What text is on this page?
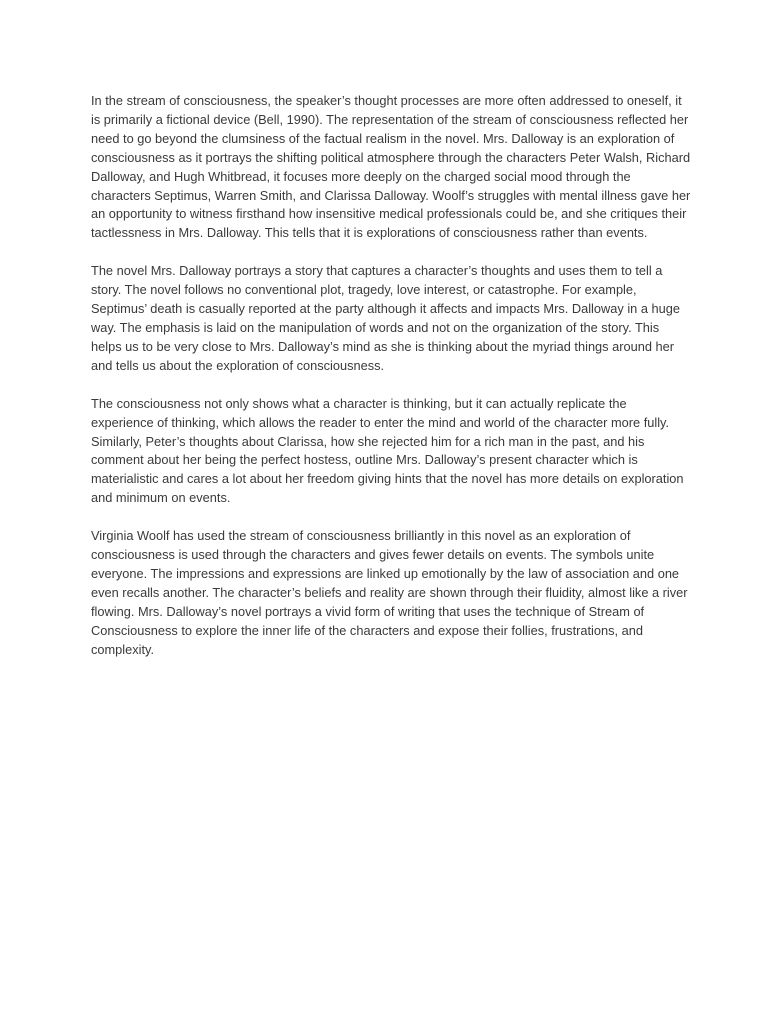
In the stream of consciousness, the speaker’s thought processes are more often addressed to oneself, it is primarily a fictional device (Bell, 1990). The representation of the stream of consciousness reflected her need to go beyond the clumsiness of the factual realism in the novel. Mrs. Dalloway is an exploration of consciousness as it portrays the shifting political atmosphere through the characters Peter Walsh, Richard Dalloway, and Hugh Whitbread, it focuses more deeply on the charged social mood through the characters Septimus, Warren Smith, and Clarissa Dalloway. Woolf’s struggles with mental illness gave her an opportunity to witness firsthand how insensitive medical professionals could be, and she critiques their tactlessness in Mrs. Dalloway. This tells that it is explorations of consciousness rather than events.

The novel Mrs. Dalloway portrays a story that captures a character’s thoughts and uses them to tell a story. The novel follows no conventional plot, tragedy, love interest, or catastrophe. For example, Septimus’ death is casually reported at the party although it affects and impacts Mrs. Dalloway in a huge way. The emphasis is laid on the manipulation of words and not on the organization of the story. This helps us to be very close to Mrs. Dalloway’s mind as she is thinking about the myriad things around her and tells us about the exploration of consciousness.

The consciousness not only shows what a character is thinking, but it can actually replicate the experience of thinking, which allows the reader to enter the mind and world of the character more fully. Similarly, Peter’s thoughts about Clarissa, how she rejected him for a rich man in the past, and his comment about her being the perfect hostess, outline Mrs. Dalloway’s present character which is materialistic and cares a lot about her freedom giving hints that the novel has more details on exploration and minimum on events.

Virginia Woolf has used the stream of consciousness brilliantly in this novel as an exploration of consciousness is used through the characters and gives fewer details on events. The symbols unite everyone. The impressions and expressions are linked up emotionally by the law of association and one even recalls another. The character’s beliefs and reality are shown through their fluidity, almost like a river flowing. Mrs. Dalloway’s novel portrays a vivid form of writing that uses the technique of Stream of Consciousness to explore the inner life of the characters and expose their follies, frustrations, and complexity.
